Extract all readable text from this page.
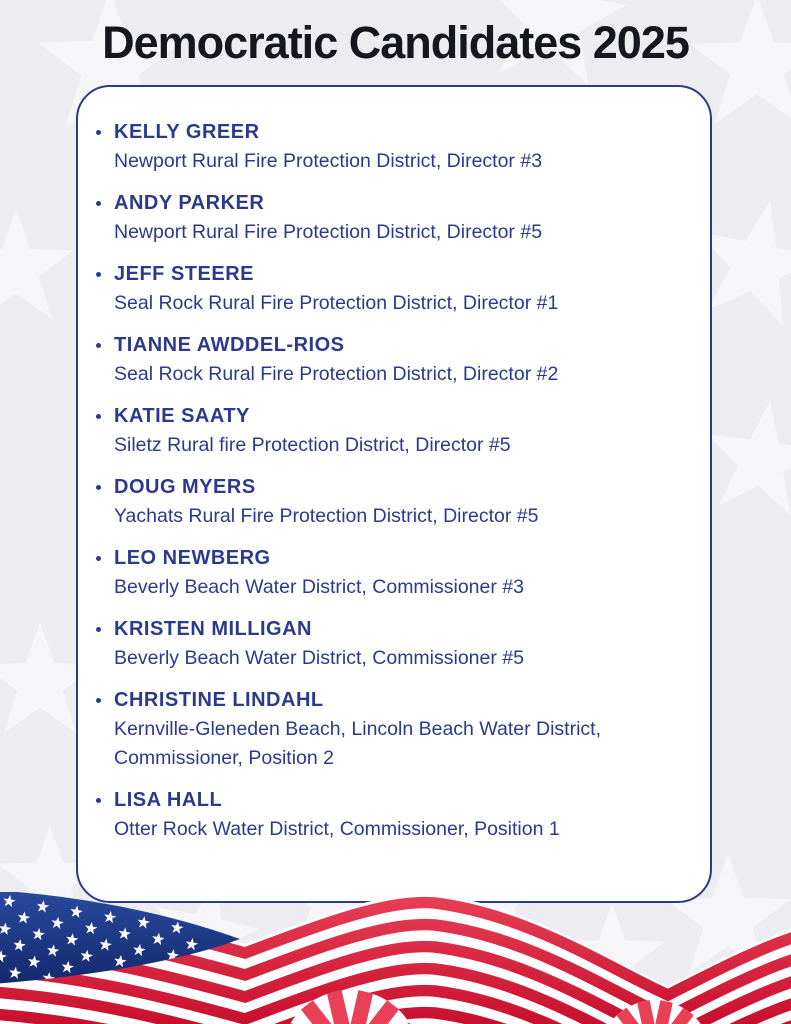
Democratic Candidates 2025

KELLY GREER

Newport Rural Fire Protection District, Director #3

ANDY PARKER

Newport Rural Fire Protection District, Director #5

JEFF STEERE

Seal Rock Rural Fire Protection District, Director #1

TIANNE AWDDEL-RIOS

Seal Rock Rural Fire Protection District, Director #2

KATIE SAATY

Siletz Rural fire Protection District, Director #5

DOUG MYERS

Yachats Rural Fire Protection District, Director #5

LEO NEWBERG

Beverly Beach Water District, Commissioner #3

KRISTEN MILLIGAN

Beverly Beach Water District, Commissioner #5

CHRISTINE LINDAHL

Kernville-Gleneden Beach, Lincoln Beach Water District, Commissioner, Position 2

LISA HALL

Otter Rock Water District, Commissioner, Position 1
